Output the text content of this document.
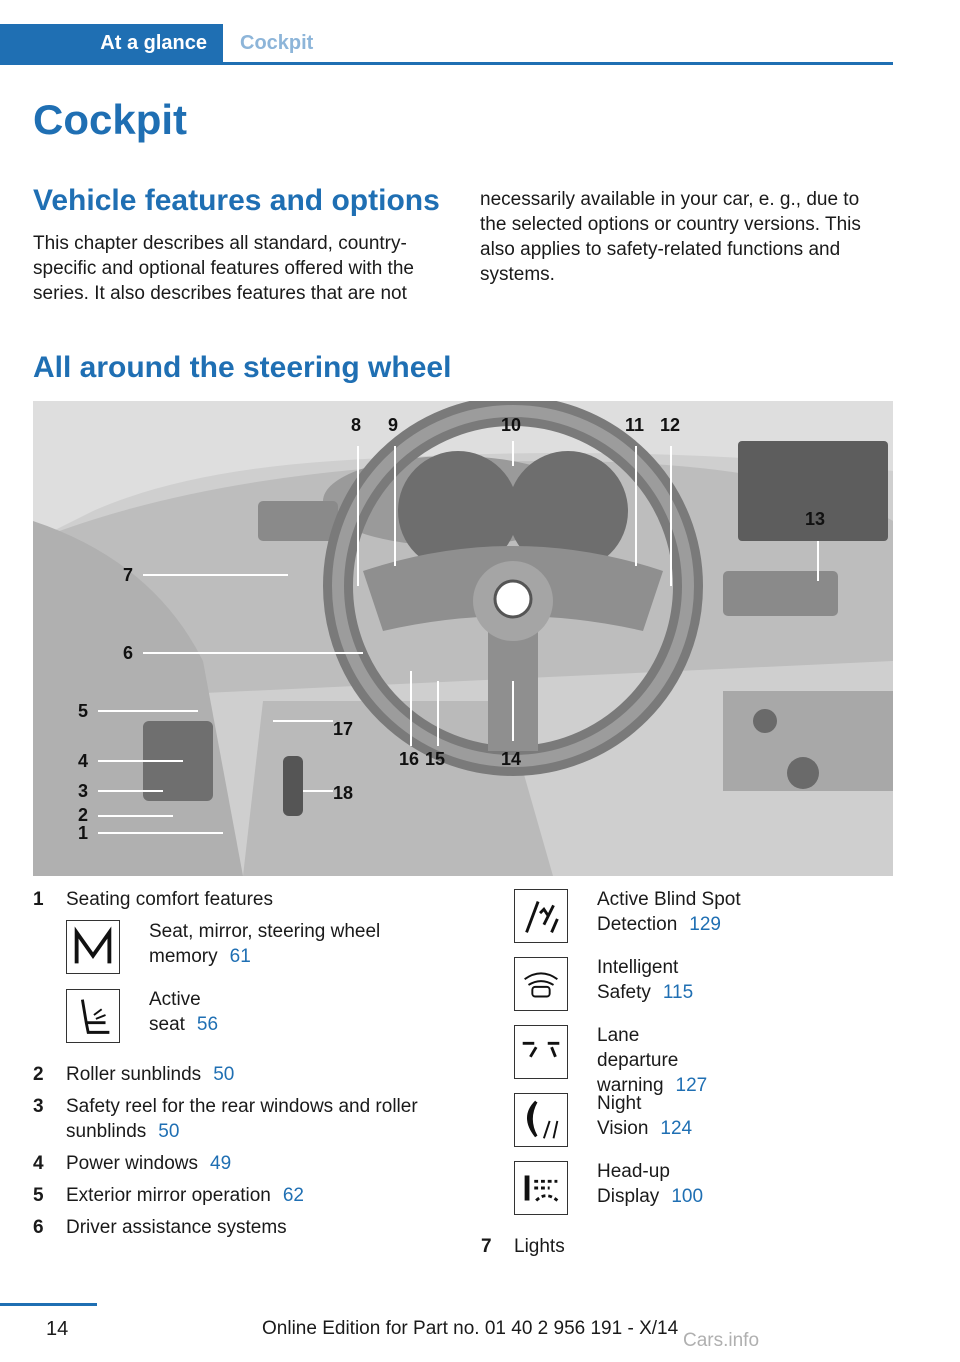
At a glance	Cockpit
Cockpit
Vehicle features and options

This chapter describes all standard, country-specific and optional features offered with the series. It also describes features that are not

necessarily available in your car, e. g., due to the selected options or country versions. This also applies to safety-related functions and systems.

All around the steering wheel
1
2
3
4
5
6
7
8 9	10	11 12
13
14
15
16
17
18
1 Seating comfort features
Seat, mirror, steering wheel memory 61
Active seat 56
2 Roller sunblinds 50
3 Safety reel for the rear windows and roller sunblinds 50
4 Power windows 49
5 Exterior mirror operation 62
6 Driver assistance systems
Active Blind Spot Detection 129
Intelligent Safety 115
Lane departure warning 127
Night Vision 124
Head-up Display 100
7 Lights
14	Online Edition for Part no. 01 40 2 956 191 - X/14
Cars.info
